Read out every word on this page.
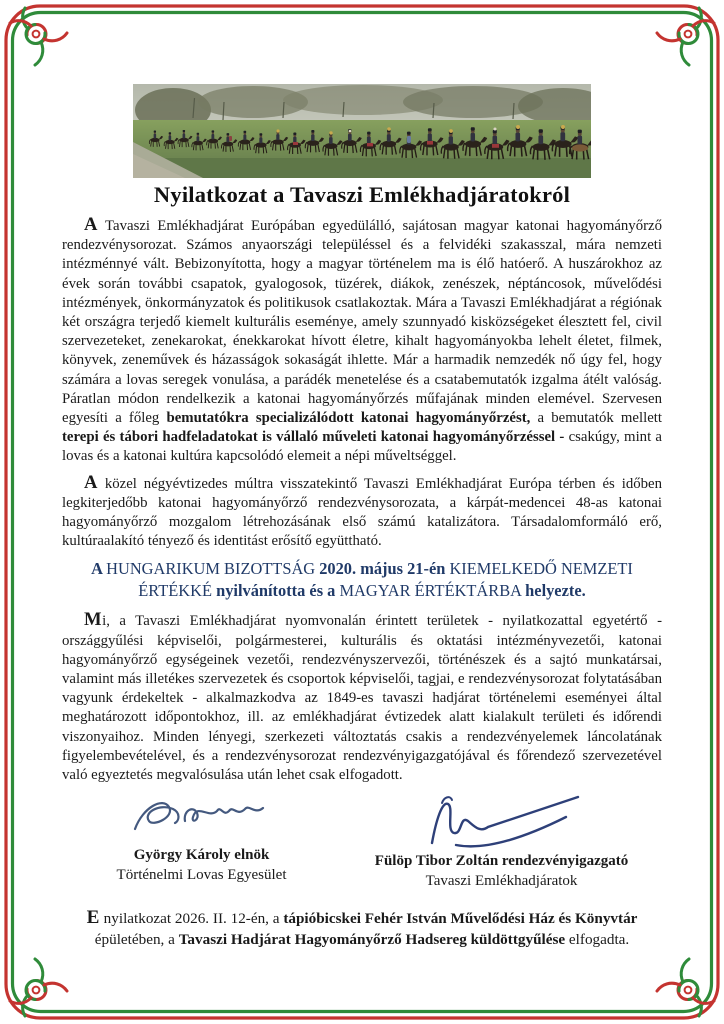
Nyilatkozat a Tavaszi Emlékhadjáratokról

A Tavaszi Emlékhadjárat Európában egyedülálló, sajátosan magyar katonai hagyományőrző rendezvénysorozat. Számos anyaországi településsel és a felvidéki szakasszal, mára nemzeti intézménnyé vált. Bebizonyította, hogy a magyar történelem ma is élő hatóerő. A huszárokhoz az évek során további csapatok, gyalogosok, tüzérek, diákok, zenészek, néptáncosok, művelődési intézmények, önkormányzatok és politikusok csatlakoztak. Mára a Tavaszi Emlékhadjárat a régiónak két országra terjedő kiemelt kulturális eseménye, amely szunnyadó kisközségeket élesztett fel, civil szervezeteket, zenekarokat, énekkarokat hívott életre, kihalt hagyományokba lehelt életet, filmek, könyvek, zeneművek és házasságok sokaságát ihlette. Már a harmadik nemzedék nő úgy fel, hogy számára a lovas seregek vonulása, a parádék menetelése és a csatabemutatók izgalma átélt valóság. Páratlan módon rendelkezik a katonai hagyományőrzés műfajának minden elemével. Szervesen egyesíti a főleg bemutatókra specializálódott katonai hagyományőrzést, a bemutatók mellett terepi és tábori hadfeladatokat is vállaló műveleti katonai hagyományőrzéssel - csakúgy, mint a lovas és a katonai kultúra kapcsolódó elemeit a népi műveltséggel.

A közel négyévtizedes múltra visszatekintő Tavaszi Emlékhadjárat Európa térben és időben legkiterjedőbb katonai hagyományőrző rendezvénysorozata, a kárpát-medencei 48-as katonai hagyományőrző mozgalom létrehozásának első számú katalizátora. Társadalomformáló erő, kultúraalakító tényező és identitást erősítő együttható.

A HUNGARIKUM BIZOTTSÁG 2020. május 21-én KIEMELKEDŐ NEMZETI ÉRTÉKKÉ nyilvánította és a MAGYAR ÉRTÉKTÁRBA helyezte.

Mi, a Tavaszi Emlékhadjárat nyomvonalán érintett területek - nyilatkozattal egyetértő - országgyűlési képviselői, polgármesterei, kulturális és oktatási intézményvezetői, katonai hagyományőrző egységeinek vezetői, rendezvényszervezői, történészek és a sajtó munkatársai, valamint más illetékes szervezetek és csoportok képviselői, tagjai, e rendezvénysorozat folytatásában vagyunk érdekeltek - alkalmazkodva az 1849-es tavaszi hadjárat történelemi eseményei által meghatározott időpontokhoz, ill. az emlékhadjárat évtizedek alatt kialakult területi és időrendi viszonyaihoz. Minden lényegi, szerkezeti változtatás csakis a rendezvényelemek láncolatának figyelembevételével, és a rendezvénysorozat rendezvényigazgatójával és főrendező szervezetével való egyeztetés megvalósulása után lehet csak elfogadott.

György Károly elnök
Történelmi Lovas Egyesület
Fülöp Tibor Zoltán rendezvényigazgató
Tavaszi Emlékhadjáratok

E nyilatkozat 2026. II. 12-én, a tápióbicskei Fehér István Művelődési Ház és Könyvtár épületében, a Tavaszi Hadjárat Hagyományőrző Hadsereg küldöttgyűlése elfogadta.
